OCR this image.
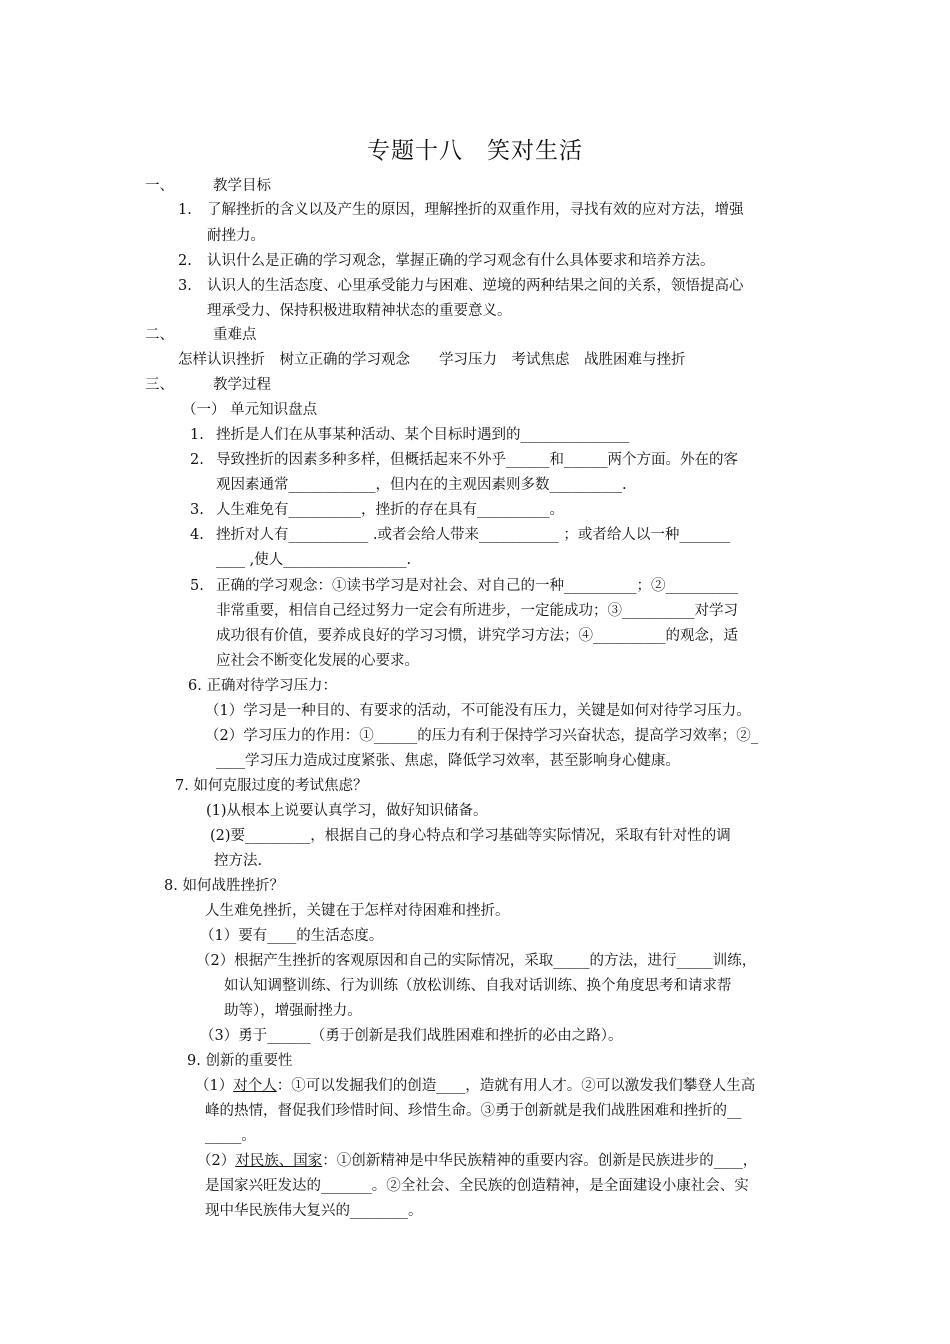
专题十八　笑对生活
一、	教学目标
1. 了解挫折的含义以及产生的原因，理解挫折的双重作用，寻找有效的应对方法，增强
耐挫力。
2. 认识什么是正确的学习观念，掌握正确的学习观念有什么具体要求和培养方法。
3. 认识人的生活态度、心里承受能力与困难、逆境的两种结果之间的关系，领悟提高心
理承受力、保持积极进取精神状态的重要意义。
二、	重难点
怎样认识挫折　树立正确的学习观念　　学习压力　考试焦虑　战胜困难与挫折
三、	教学过程
（一） 单元知识盘点
1. 挫折是人们在从事某种活动、某个目标时遇到的_______________
2. 导致挫折的因素多种多样，但概括起来不外乎______和______两个方面。外在的客
观因素通常____________，但内在的主观因素则多数__________.
3. 人生难免有__________，挫折的存在具有__________。
4. 挫折对人有___________ .或者会给人带来___________ ；或者给人以一种_______
____ ,使人_________________.
5. 正确的学习观念：①读书学习是对社会、对自己的一种__________；②__________
非常重要，相信自己经过努力一定会有所进步，一定能成功；③__________对学习
成功很有价值，要养成良好的学习习惯，讲究学习方法；④__________的观念，适
应社会不断变化发展的心要求。
6. 正确对待学习压力：
（1）学习是一种目的、有要求的活动，不可能没有压力，关键是如何对待学习压力。
（2）学习压力的作用：①______的压力有利于保持学习兴奋状态，提高学习效率；②_
____学习压力造成过度紧张、焦虑，降低学习效率，甚至影响身心健康。
7. 如何克服过度的考试焦虑？
(1)从根本上说要认真学习，做好知识储备。
(2)要_________，根据自己的身心特点和学习基础等实际情况，采取有针对性的调
控方法.
8. 如何战胜挫折？
人生难免挫折，关键在于怎样对待困难和挫折。
（1）要有____的生活态度。
（2）根据产生挫折的客观原因和自己的实际情况，采取_____的方法，进行_____训练，
如认知调整训练、行为训练（放松训练、自我对话训练、换个角度思考和请求帮
助等），增强耐挫力。
（3）勇于______（勇于创新是我们战胜困难和挫折的必由之路）。
9. 创新的重要性
（1）对个人：①可以发掘我们的创造____，造就有用人才。②可以激发我们攀登人生高
峰的热情，督促我们珍惜时间、珍惜生命。③勇于创新就是我们战胜困难和挫折的__
_____。
（2）对民族、国家：①创新精神是中华民族精神的重要内容。创新是民族进步的____，
是国家兴旺发达的_______。②全社会、全民族的创造精神，是全面建设小康社会、实
现中华民族伟大复兴的________。
